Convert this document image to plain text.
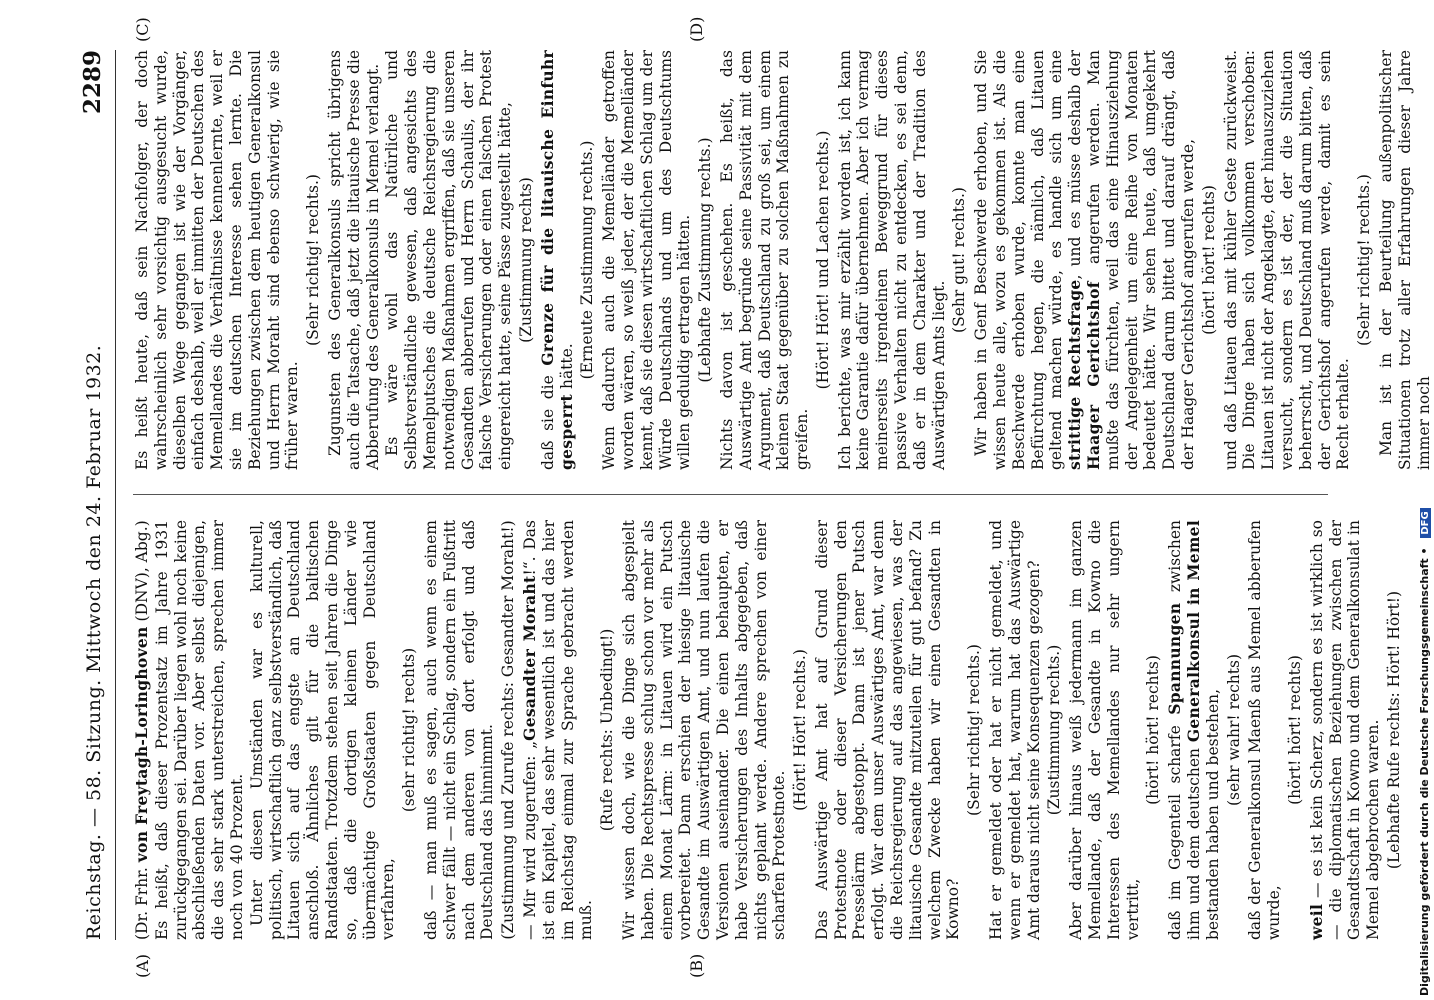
Reichstag. — 58. Sitzung. Mittwoch den 24. Februar 1932.
2289
(A)	(B)
(C)	(D)

(Dr. Frhr. von Freytagh-Loringhoven (DNV), Abg.) Es heißt, daß dieser Prozentsatz im Jahre 1931 zurückgegangen sei. Darüber liegen wohl noch keine abschließenden Daten vor. Aber selbst diejenigen, die das sehr stark unterstreichen, sprechen immer noch von 40 Prozent. Unter diesen Umständen war es kulturell, politisch, wirtschaftlich ganz selbstverständlich, daß Litauen sich auf das engste an Deutschland anschloß. Ähnliches gilt für die baltischen Randstaaten. Trotzdem stehen seit Jahren die Dinge so, daß die dortigen kleinen Länder wie übermächtige Großstaaten gegen Deutschland verfahren,

(sehr richtig! rechts) daß — man muß es sagen, auch wenn es einem schwer fällt — nicht ein Schlag, sondern ein Fußtritt nach dem anderen von dort erfolgt und daß Deutschland das hinnimmt. (Zustimmung und Zurufe rechts: Gesandter Moraht!) — Mir wird zugerufen: „Gesandter Moraht!“. Das ist ein Kapitel, das sehr wesentlich ist und das hier im Reichstag einmal zur Sprache gebracht werden muß.

(Rufe rechts: Unbedingt!) Wir wissen doch, wie die Dinge sich abgespielt haben. Die Rechtspresse schlug schon vor mehr als einem Monat Lärm: in Litauen wird ein Putsch vorbereitet. Dann erschien der hiesige litauische Gesandte im Auswärtigen Amt, und nun laufen die Versionen auseinander. Die einen behaupten, er habe Versicherungen des Inhalts abgegeben, daß nichts geplant werde. Andere sprechen von einer scharfen Protestnote.

(Hört! Hört! rechts.) Das Auswärtige Amt hat auf Grund dieser Protestnote oder dieser Versicherungen den Presselärm abgestoppt. Dann ist jener Putsch erfolgt. War dem unser Auswärtiges Amt, war denn die Reichsregierung auf das angewiesen, was der litauische Gesandte mitzuteilen für gut befand? Zu welchem Zwecke haben wir einen Gesandten in Kowno?

(Sehr richtig! rechts.) Hat er gemeldet oder hat er nicht gemeldet, und wenn er gemeldet hat, warum hat das Auswärtige Amt daraus nicht seine Konsequenzen gezogen? (Zustimmung rechts.) Aber darüber hinaus weiß jedermann im ganzen Memellande, daß der Gesandte in Kowno die Interessen des Memellandes nur sehr ungern vertritt,

(hört! hört! rechts) daß im Gegenteil scharfe Spannungen zwischen ihm und dem deutschen Generalkonsul in Memel bestanden haben und bestehen, (sehr wahr! rechts) daß der Generalkonsul Maenß aus Memel abberufen wurde,

(hört! hört! rechts)

weil — es ist kein Scherz, sondern es ist wirklich so — die diplomatischen Beziehungen zwischen der Gesandtschaft in Kowno und dem Generalkonsulat in Memel abgebrochen waren. (Lebhafte Rufe rechts: Hört! Hört!)

Es heißt heute, daß sein Nachfolger, der doch wahrscheinlich sehr vorsichtig ausgesucht wurde, dieselben Wege gegangen ist wie der Vorgänger, einfach deshalb, weil er inmitten der Deutschen des Memellandes die Verhältnisse kennenlernte, weil er sie im deutschen Interesse sehen lernte. Die Beziehungen zwischen dem heutigen Generalkonsul und Herrn Moraht sind ebenso schwierig, wie sie früher waren.

(Sehr richtig! rechts.) Zugunsten des Generalkonsuls spricht übrigens auch die Tatsache, daß jetzt die litauische Presse die Abberufung des Generalkonsuls in Memel verlangt. Es wäre wohl das Natürliche und Selbstverständliche gewesen, daß angesichts des Memelputsches die deutsche Reichsregierung die notwendigen Maßnahmen ergriffen, daß sie unseren Gesandten abberufen und Herrn Schaulis, der ihr falsche Versicherungen oder einen falschen Protest eingereicht hatte, seine Pässe zugestellt hätte, (Zustimmung rechts)

daß sie die Grenze für die litauische Einfuhr gesperrt hätte. (Erneute Zustimmung rechts.) Wenn dadurch auch die Memelländer getroffen worden wären, so weiß jeder, der die Memelländer kennt, daß sie diesen wirtschaftlichen Schlag um der Würde Deutschlands und um des Deutschtums willen geduldig ertragen hätten. (Lebhafte Zustimmung rechts.) Nichts davon ist geschehen. Es heißt, das Auswärtige Amt begründe seine Passivität mit dem Argument, daß Deutschland zu groß sei, um einem kleinen Staat gegenüber zu solchen Maßnahmen zu greifen.

(Hört! Hört! und Lachen rechts.) Ich berichte, was mir erzählt worden ist, ich kann keine Garantie dafür übernehmen. Aber ich vermag meinerseits irgendeinen Beweggrund für dieses passive Verhalten nicht zu entdecken, es sei denn, daß er in dem Charakter und der Tradition des Auswärtigen Amts liegt.

(Sehr gut! rechts.) Wir haben in Genf Beschwerde erhoben, und Sie wissen heute alle, wozu es gekommen ist. Als die Beschwerde erhoben wurde, konnte man eine Befürchtung hegen, die nämlich, daß Litauen geltend machen würde, es handle sich um eine strittige Rechtsfrage, und es müsse deshalb der Haager Gerichtshof angerufen werden. Man mußte das fürchten, weil das eine Hinausziehung der Angelegenheit um eine Reihe von Monaten bedeutet hätte. Wir sehen heute, daß umgekehrt Deutschland darum bittet und darauf drängt, daß der Haager Gerichtshof angerufen werde, (hört! hört! rechts) und daß Litauen das mit kühler Geste zurückweist. Die Dinge haben sich vollkommen verschoben: Litauen ist nicht der Angeklagte, der hinauszuziehen versucht, sondern es ist der, der die Situation beherrscht, und Deutschland muß darum bitten, daß der Gerichtshof angerufen werde, damit es sein Recht erhalte.

(Sehr richtig! rechts.) Man ist in der Beurteilung außenpolitischer Situationen trotz aller Erfahrungen dieser Jahre immer noch

Digitalisierung gefördert durch die Deutsche Forschungsgemeinschaft • DFG
